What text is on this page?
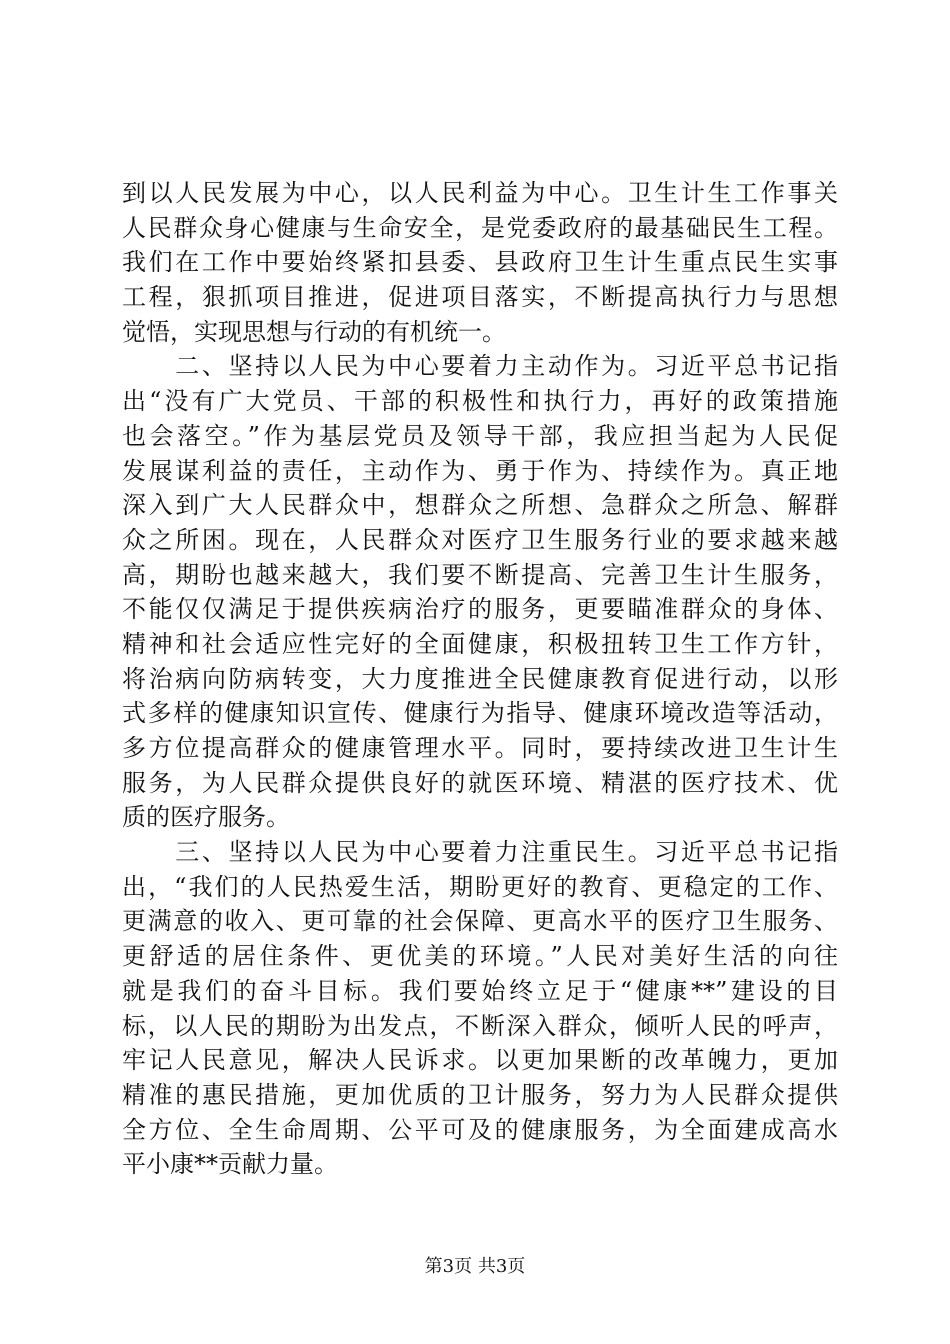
到以人民发展为中心，以人民利益为中心。卫生计生工作事关
人民群众身心健康与生命安全，是党委政府的最基础民生工程。
我们在工作中要始终紧扣县委、县政府卫生计生重点民生实事
工程，狠抓项目推进，促进项目落实，不断提高执行力与思想
觉悟，实现思想与行动的有机统一。
　　二、坚持以人民为中心要着力主动作为。习近平总书记指
出“没有广大党员、干部的积极性和执行力，再好的政策措施
也会落空。”作为基层党员及领导干部，我应担当起为人民促
发展谋利益的责任，主动作为、勇于作为、持续作为。真正地
深入到广大人民群众中，想群众之所想、急群众之所急、解群
众之所困。现在，人民群众对医疗卫生服务行业的要求越来越
高，期盼也越来越大，我们要不断提高、完善卫生计生服务，
不能仅仅满足于提供疾病治疗的服务，更要瞄准群众的身体、
精神和社会适应性完好的全面健康，积极扭转卫生工作方针，
将治病向防病转变，大力度推进全民健康教育促进行动，以形
式多样的健康知识宣传、健康行为指导、健康环境改造等活动，
多方位提高群众的健康管理水平。同时，要持续改进卫生计生
服务，为人民群众提供良好的就医环境、精湛的医疗技术、优
质的医疗服务。
　　三、坚持以人民为中心要着力注重民生。习近平总书记指
出，“我们的人民热爱生活，期盼更好的教育、更稳定的工作、
更满意的收入、更可靠的社会保障、更高水平的医疗卫生服务、
更舒适的居住条件、更优美的环境。”人民对美好生活的向往
就是我们的奋斗目标。我们要始终立足于“健康**”建设的目
标，以人民的期盼为出发点，不断深入群众，倾听人民的呼声，
牢记人民意见，解决人民诉求。以更加果断的改革魄力，更加
精准的惠民措施，更加优质的卫计服务，努力为人民群众提供
全方位、全生命周期、公平可及的健康服务，为全面建成高水
平小康**贡献力量。
第3页 共3页
